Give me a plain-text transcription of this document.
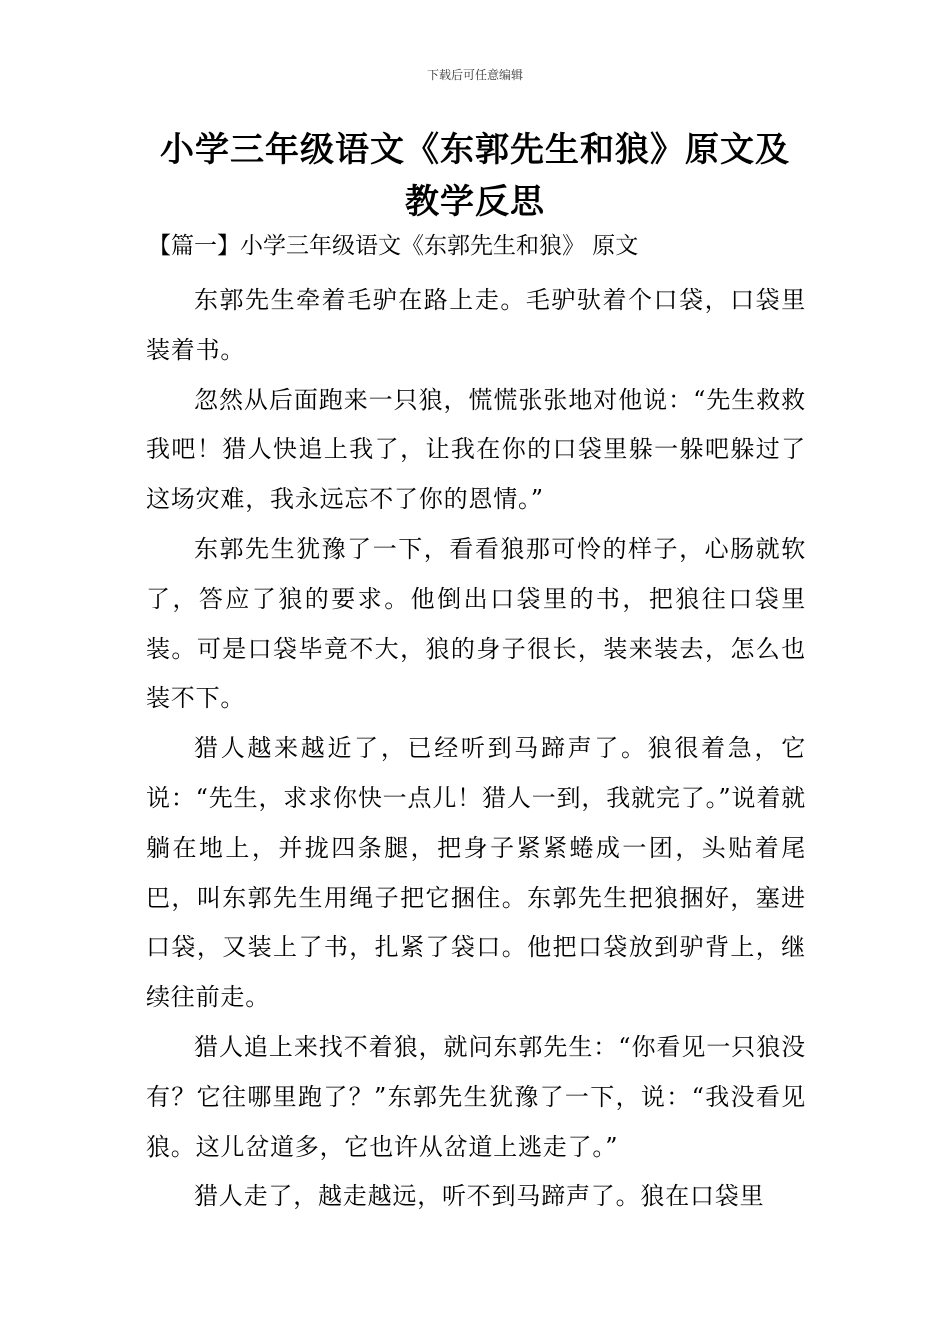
下载后可任意编辑
小学三年级语文《东郭先生和狼》原文及教学反思
【篇一】小学三年级语文《东郭先生和狼》 原文

东郭先生牵着毛驴在路上走。毛驴驮着个口袋，口袋里装着书。

忽然从后面跑来一只狼，慌慌张张地对他说：“先生救救我吧！猎人快追上我了，让我在你的口袋里躲一躲吧躲过了这场灾难，我永远忘不了你的恩情。”

东郭先生犹豫了一下，看看狼那可怜的样子，心肠就软了，答应了狼的要求。他倒出口袋里的书，把狼往口袋里装。可是口袋毕竟不大，狼的身子很长，装来装去，怎么也装不下。

猎人越来越近了，已经听到马蹄声了。狼很着急，它说：“先生，求求你快一点儿！猎人一到，我就完了。”说着就躺在地上，并拢四条腿，把身子紧紧蜷成一团，头贴着尾巴，叫东郭先生用绳子把它捆住。东郭先生把狼捆好，塞进口袋，又装上了书，扎紧了袋口。他把口袋放到驴背上，继续往前走。

猎人追上来找不着狼，就问东郭先生：“你看见一只狼没有？它往哪里跑了？”东郭先生犹豫了一下，说：“我没看见狼。这儿岔道多，它也许从岔道上逃走了。”

猎人走了，越走越远，听不到马蹄声了。狼在口袋里
